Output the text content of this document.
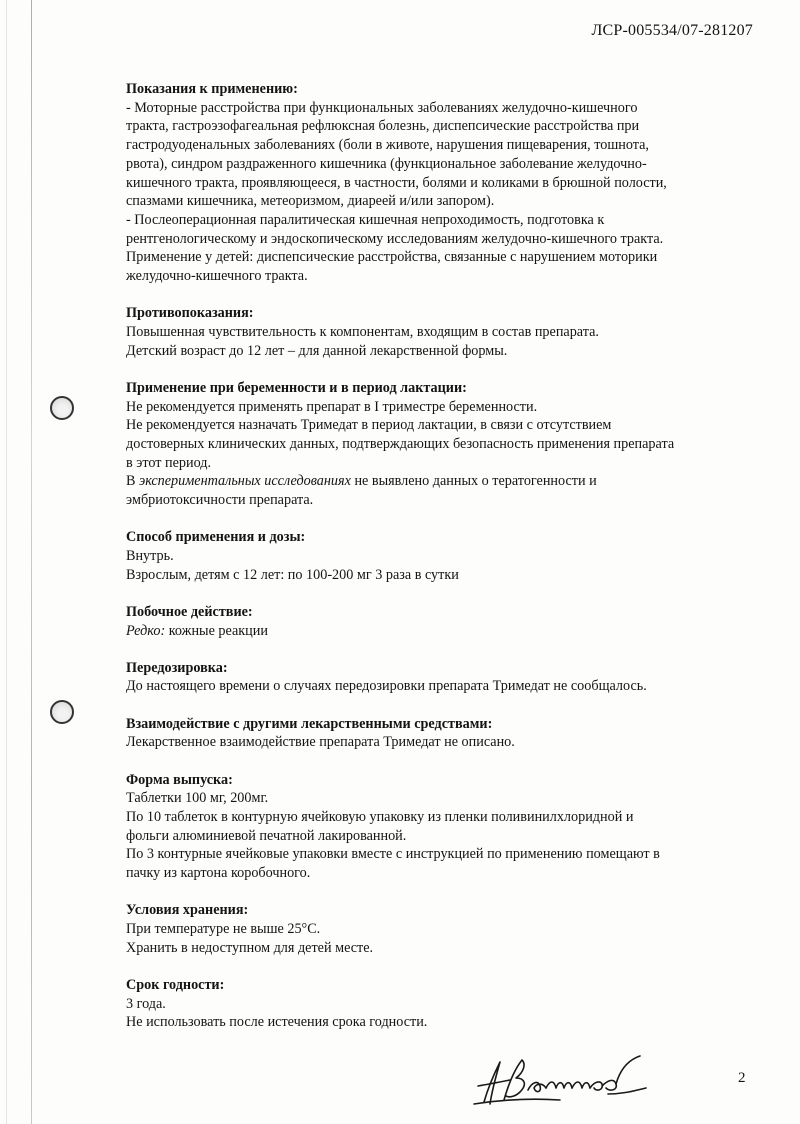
ЛСР-005534/07-281207

Показания к применению:

- Моторные расстройства при функциональных заболеваниях желудочно-кишечного

тракта, гастроэзофагеальная рефлюксная болезнь, диспепсические расстройства при

гастродуоденальных заболеваниях (боли в животе, нарушения пищеварения, тошнота,

рвота), синдром раздраженного кишечника (функциональное заболевание желудочно-

кишечного тракта, проявляющееся, в частности, болями и коликами в брюшной полости,

спазмами кишечника, метеоризмом, диареей и/или запором).

- Послеоперационная паралитическая кишечная непроходимость, подготовка к

рентгенологическому и эндоскопическому исследованиям желудочно-кишечного тракта.

Применение у детей: диспепсические расстройства, связанные с нарушением моторики

желудочно-кишечного тракта.

Противопоказания:

Повышенная чувствительность к компонентам, входящим в состав препарата.

Детский возраст до 12 лет – для данной лекарственной формы.

Применение при беременности и в период лактации:

Не рекомендуется применять препарат в I триместре беременности.

Не рекомендуется назначать Тримедат в период лактации, в связи с отсутствием

достоверных клинических данных, подтверждающих безопасность применения препарата

в этот период.

В экспериментальных исследованиях не выявлено данных о тератогенности и

эмбриотоксичности препарата.

Способ применения и дозы:

Внутрь.

Взрослым, детям с 12 лет: по 100-200 мг 3 раза в сутки

Побочное действие:

Редко: кожные реакции

Передозировка:

До настоящего времени о случаях передозировки препарата Тримедат не сообщалось.

Взаимодействие с другими лекарственными средствами:

Лекарственное взаимодействие препарата Тримедат не описано.

Форма выпуска:

Таблетки 100 мг, 200мг.

По 10 таблеток в контурную ячейковую упаковку из пленки поливинилхлоридной и

фольги алюминиевой печатной лакированной.

По 3 контурные ячейковые упаковки вместе с инструкцией по применению помещают в

пачку из картона коробочного.

Условия хранения:

При температуре не выше 25°С.

Хранить в недоступном для детей месте.

Срок годности:

3 года.

Не использовать после истечения срока годности.

2
